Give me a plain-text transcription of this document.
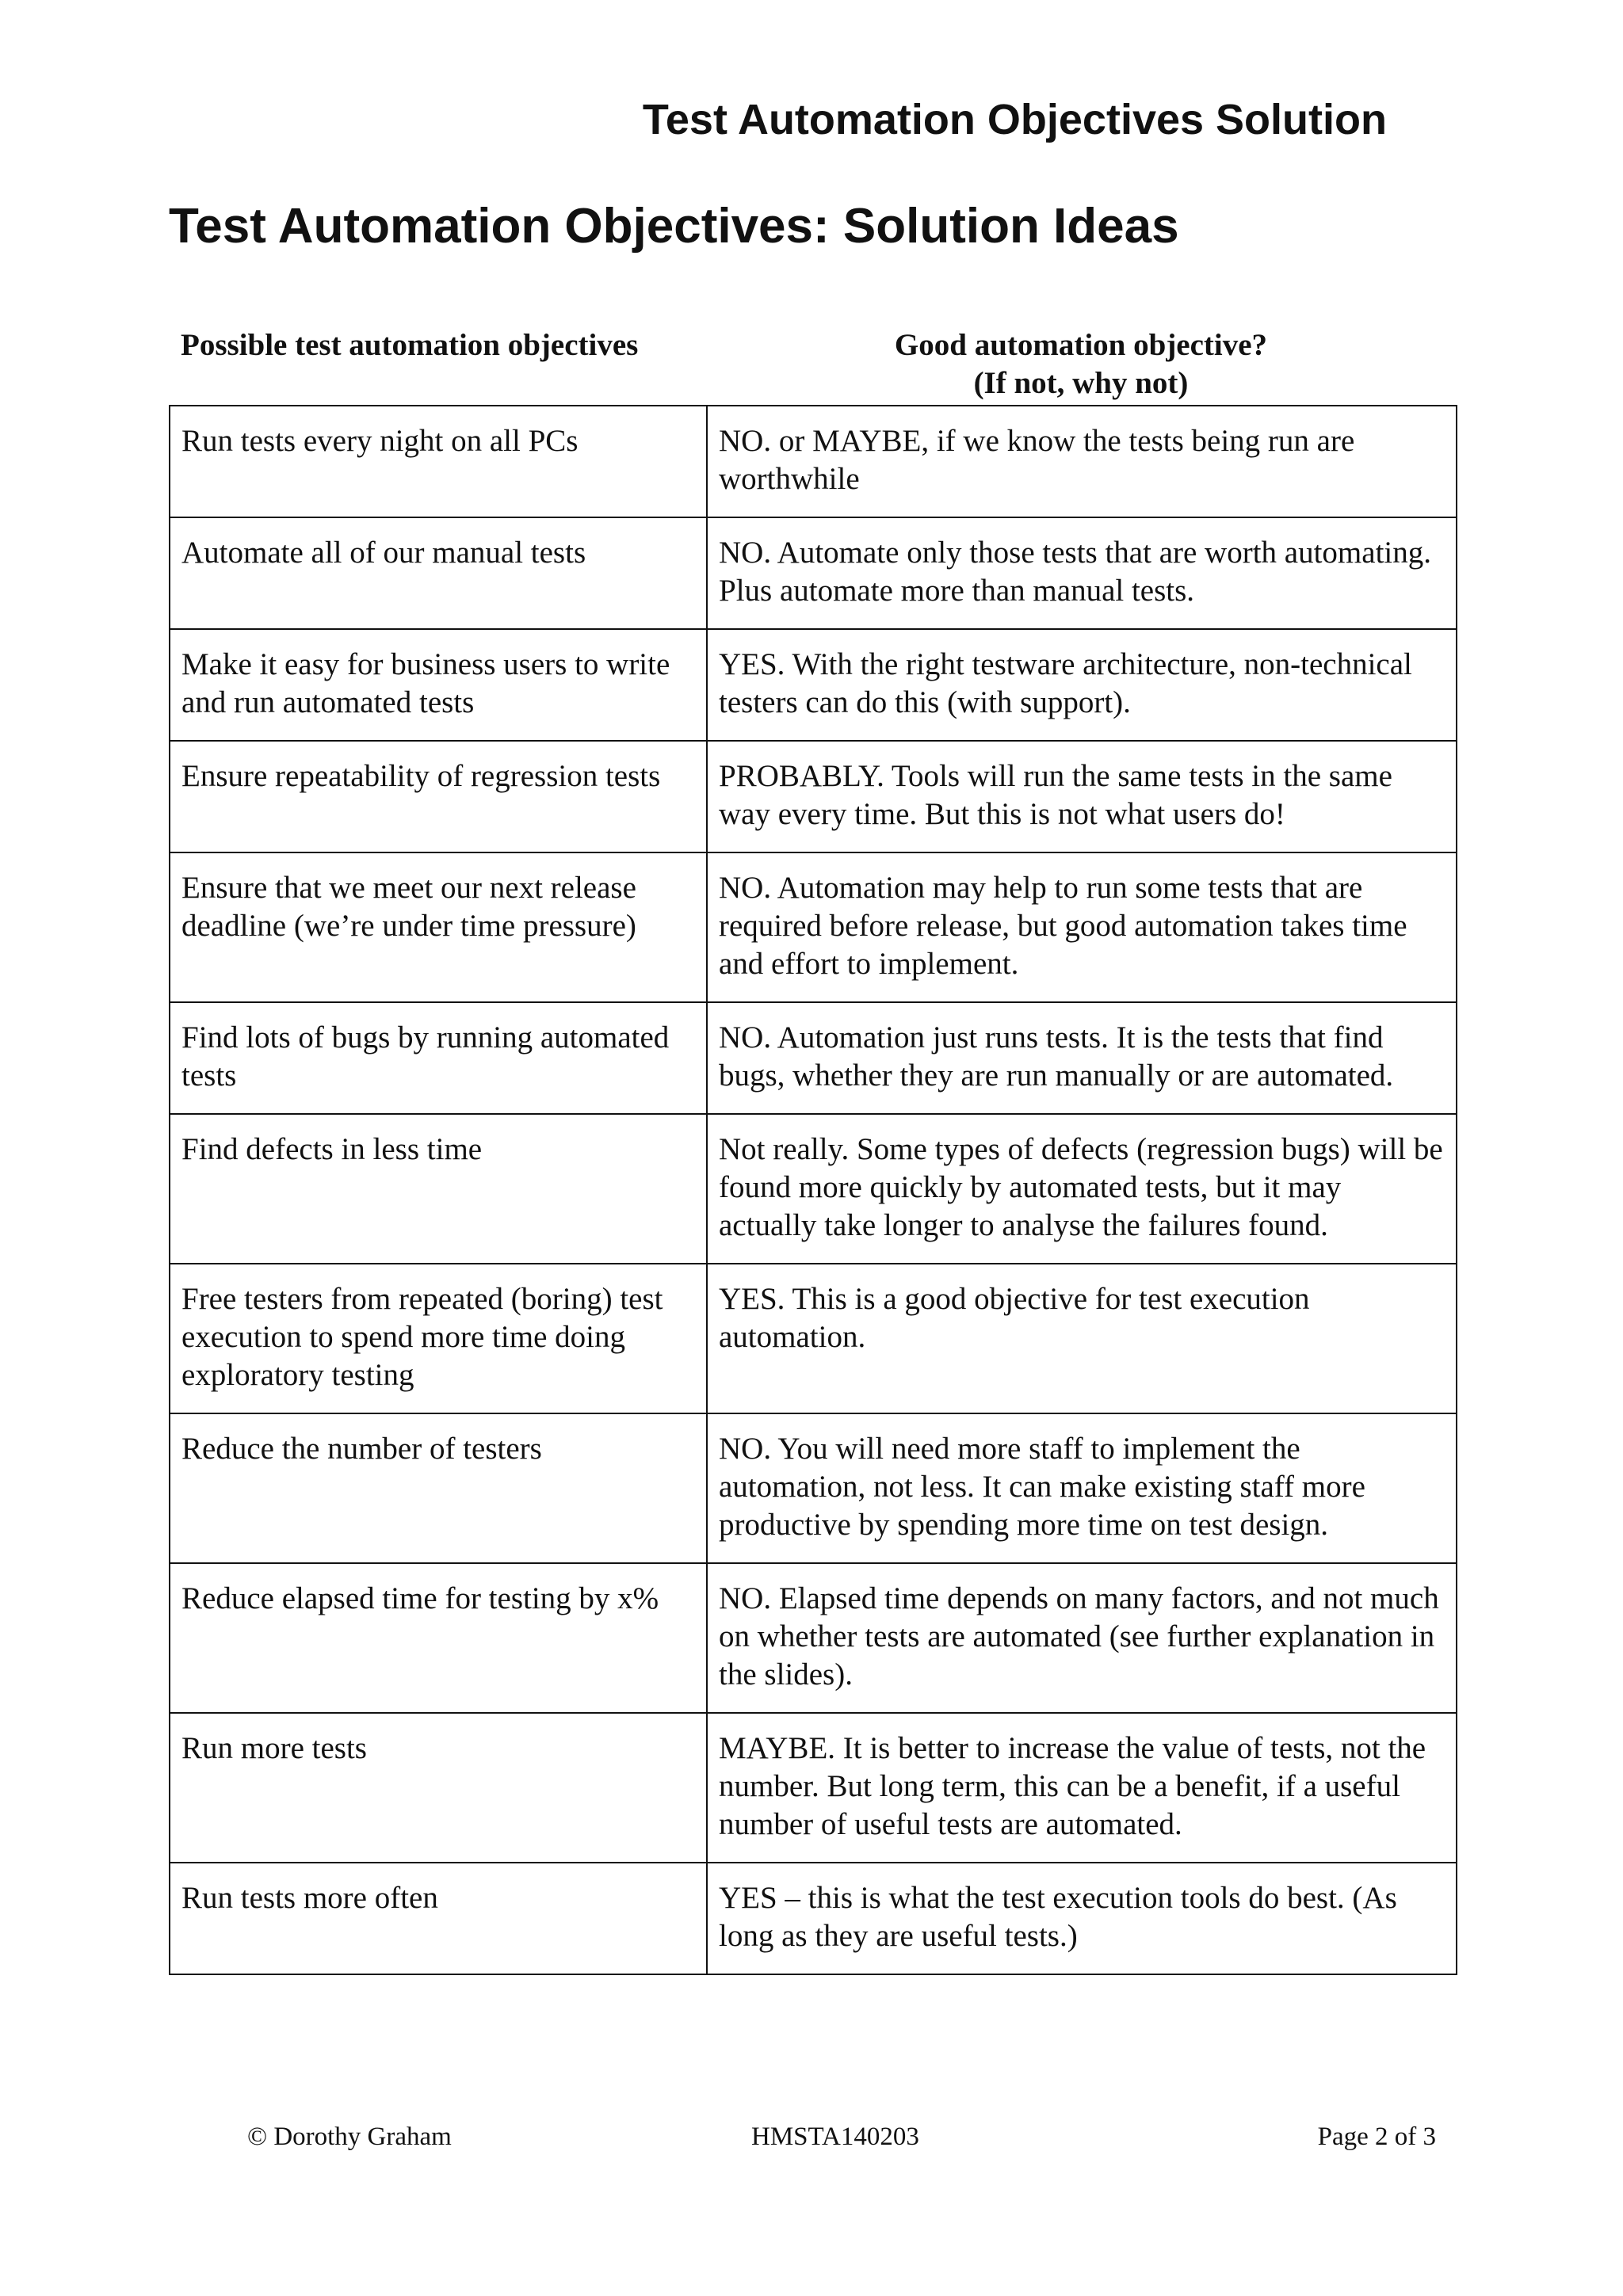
Test Automation Objectives Solution
Test Automation Objectives: Solution Ideas
Possible test automation objectives	Good automation objective?
(If not, why not)
Run tests every night on all PCs	NO. or MAYBE, if we know the tests being run are worthwhile
Automate all of our manual tests	NO. Automate only those tests that are worth automating. Plus automate more than manual tests.
Make it easy for business users to write and run automated tests	YES. With the right testware architecture, non-technical testers can do this (with support).
Ensure repeatability of regression tests	PROBABLY. Tools will run the same tests in the same way every time. But this is not what users do!
Ensure that we meet our next release deadline (we’re under time pressure)	NO. Automation may help to run some tests that are required before release, but good automation takes time and effort to implement.
Find lots of bugs by running automated tests	NO. Automation just runs tests. It is the tests that find bugs, whether they are run manually or are automated.
Find defects in less time	Not really. Some types of defects (regression bugs) will be found more quickly by automated tests, but it may actually take longer to analyse the failures found.
Free testers from repeated (boring) test execution to spend more time doing exploratory testing	YES. This is a good objective for test execution automation.
Reduce the number of testers	NO. You will need more staff to implement the automation, not less. It can make existing staff more productive by spending more time on test design.
Reduce elapsed time for testing by x%	NO. Elapsed time depends on many factors, and not much on whether tests are automated (see further explanation in the slides).
Run more tests	MAYBE. It is better to increase the value of tests, not the number. But long term, this can be a benefit, if a useful number of useful tests are automated.
Run tests more often	YES – this is what the test execution tools do best. (As long as they are useful tests.)
© Dorothy Graham	HMSTA140203	Page 2 of 3
